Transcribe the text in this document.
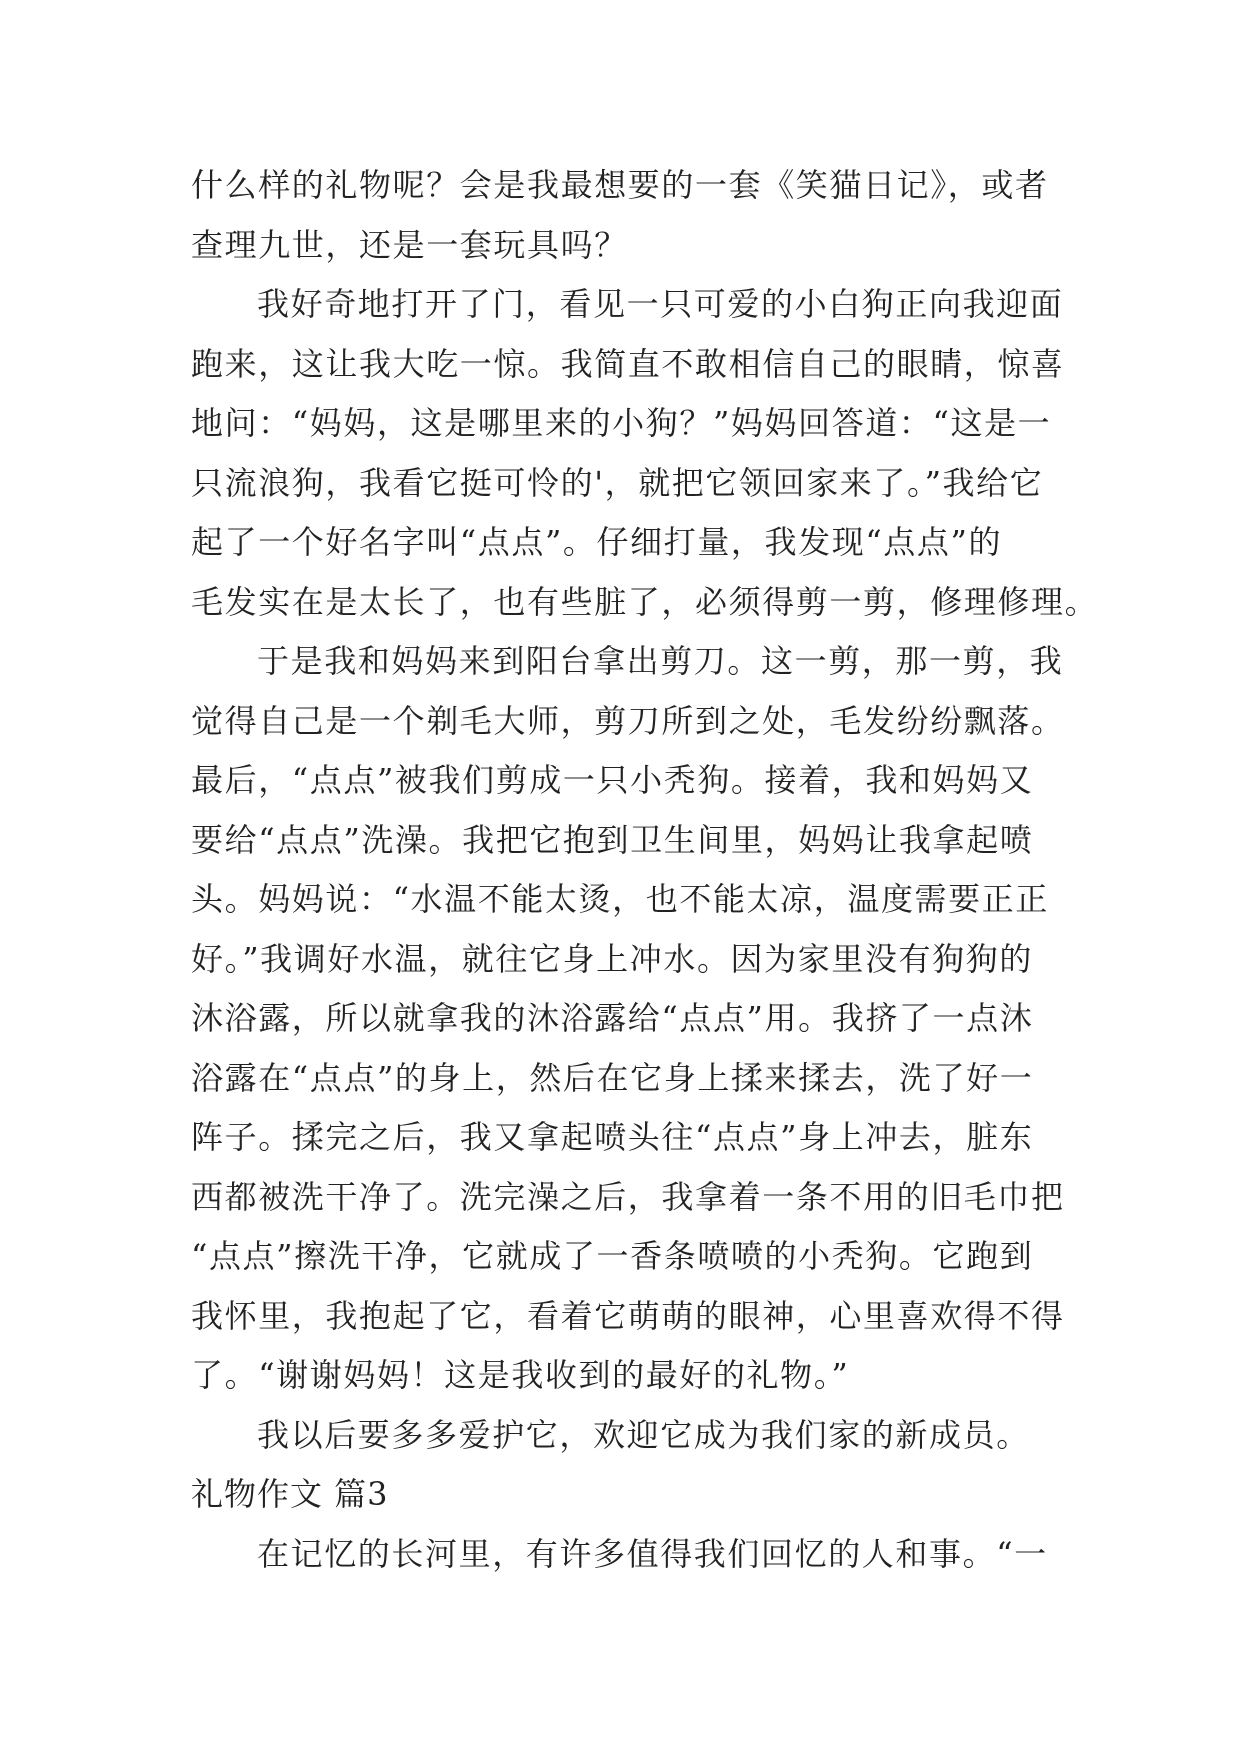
什么样的礼物呢？会是我最想要的一套《笑猫日记》，或者
查理九世，还是一套玩具吗？
我好奇地打开了门，看见一只可爱的小白狗正向我迎面
跑来，这让我大吃一惊。我简直不敢相信自己的眼睛，惊喜
地问：“妈妈，这是哪里来的小狗？”妈妈回答道：“这是一
只流浪狗，我看它挺可怜的'，就把它领回家来了。”我给它
起了一个好名字叫“点点”。仔细打量，我发现“点点”的
毛发实在是太长了，也有些脏了，必须得剪一剪，修理修理。
于是我和妈妈来到阳台拿出剪刀。这一剪，那一剪，我
觉得自己是一个剃毛大师，剪刀所到之处，毛发纷纷飘落。
最后，“点点”被我们剪成一只小秃狗。接着，我和妈妈又
要给“点点”洗澡。我把它抱到卫生间里，妈妈让我拿起喷
头。妈妈说：“水温不能太烫，也不能太凉，温度需要正正
好。”我调好水温，就往它身上冲水。因为家里没有狗狗的
沐浴露，所以就拿我的沐浴露给“点点”用。我挤了一点沐
浴露在“点点”的身上，然后在它身上揉来揉去，洗了好一
阵子。揉完之后，我又拿起喷头往“点点”身上冲去，脏东
西都被洗干净了。洗完澡之后，我拿着一条不用的旧毛巾把
“点点”擦洗干净，它就成了一香条喷喷的小秃狗。它跑到
我怀里，我抱起了它，看着它萌萌的眼神，心里喜欢得不得
了。“谢谢妈妈！这是我收到的最好的礼物。”
我以后要多多爱护它，欢迎它成为我们家的新成员。
礼物作文 篇3
在记忆的长河里，有许多值得我们回忆的人和事。“一
